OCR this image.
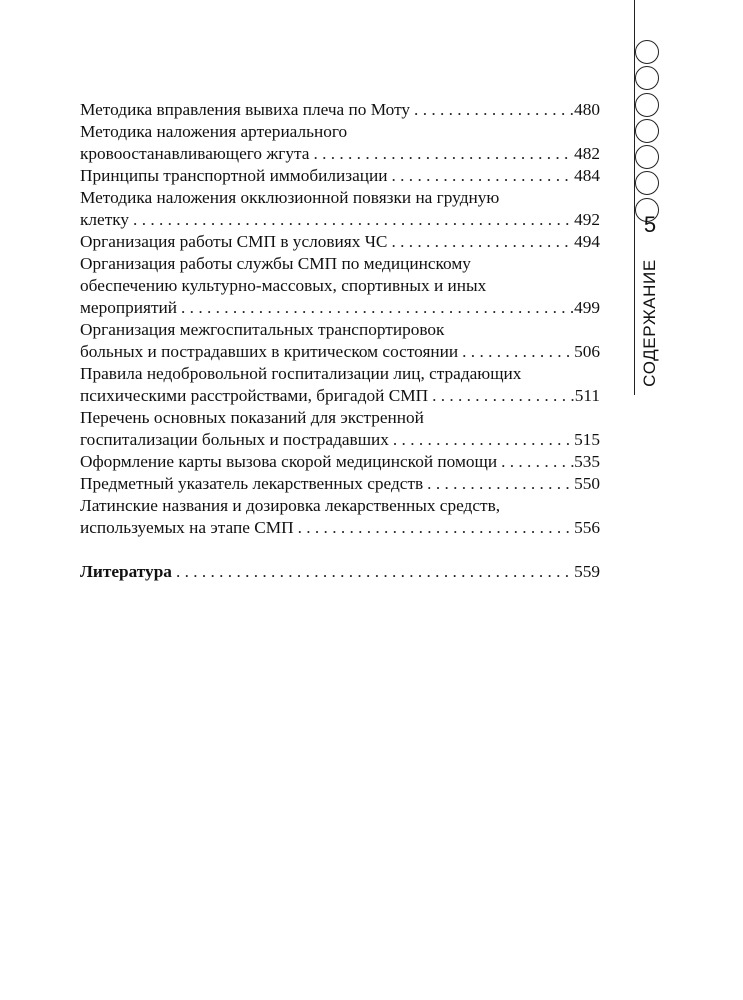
5
СОДЕРЖАНИЕ
Методика вправления вывиха плеча по Моту . . .	480
Методика наложения артериального
кровоостанавливающего жгута . . .	482
Принципы транспортной иммобилизации . . .	484
Методика наложения окклюзионной повязки на грудную
клетку . . .	492
Организация работы СМП в условиях ЧС . . .	494
Организация работы службы СМП по медицинскому
обеспечению культурно-массовых, спортивных и иных
мероприятий . . .	499
Организация межгоспитальных транспортировок
больных и пострадавших в критическом состоянии . . .	506
Правила недобровольной госпитализации лиц, страдающих
психическими расстройствами, бригадой СМП . . .	511
Перечень основных показаний для экстренной
госпитализации больных и пострадавших . . .	515
Оформление карты вызова скорой медицинской помощи . . .	535
Предметный указатель лекарственных средств . . .	550
Латинские названия и дозировка лекарственных средств,
используемых на этапе СМП . . .	556
Литература . . .	559
